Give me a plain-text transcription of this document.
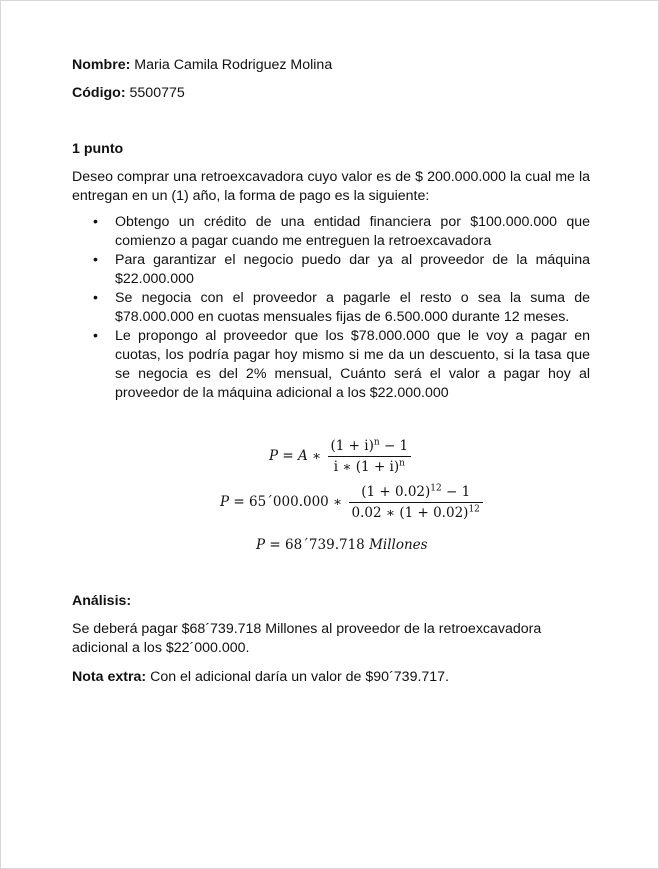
Nombre: Maria Camila Rodriguez Molina

Código: 5500775

1 punto

Deseo comprar una retroexcavadora cuyo valor es de $ 200.000.000 la cual me la entregan en un (1) año, la forma de pago es la siguiente:

• Obtengo un crédito de una entidad financiera por $100.000.000 que comienzo a pagar cuando me entreguen la retroexcavadora
• Para garantizar el negocio puedo dar ya al proveedor de la máquina $22.000.000
• Se negocia con el proveedor a pagarle el resto o sea la suma de $78.000.000 en cuotas mensuales fijas de 6.500.000 durante 12 meses.
• Le propongo al proveedor que los $78.000.000 que le voy a pagar en cuotas, los podría pagar hoy mismo si me da un descuento, si la tasa que se negocia es del 2% mensual, Cuánto será el valor a pagar hoy al proveedor de la máquina adicional a los $22.000.000
P = A ∗ $\frac{(1 + i)^n - 1}{i ∗ (1 + i)^n}$
P = 65´000.000 ∗ $\frac{(1 + 0.02)^{12} - 1}{0.02 ∗ (1 + 0.02)^{12}}$
P = 68´739.718 Millones

Análisis:

Se deberá pagar $68´739.718 Millones al proveedor de la retroexcavadora adicional a los $22´000.000.

Nota extra: Con el adicional daría un valor de $90´739.717.
